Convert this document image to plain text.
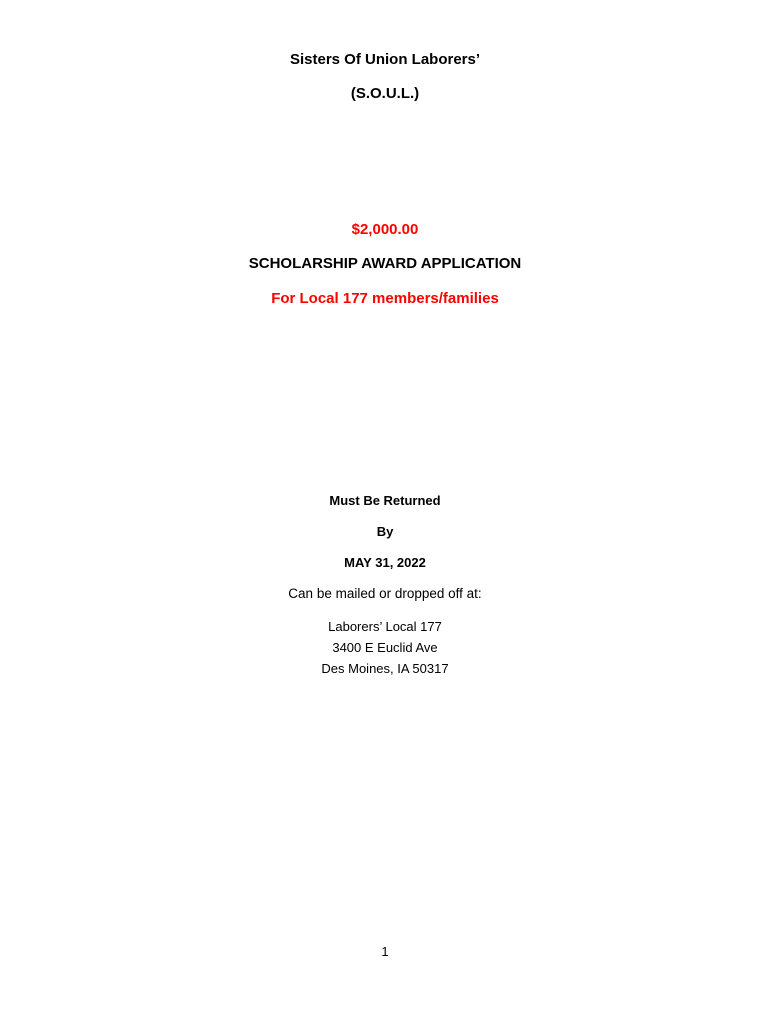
Sisters Of Union Laborers’
(S.O.U.L.)
$2,000.00
SCHOLARSHIP AWARD APPLICATION
For Local 177 members/families
Must Be Returned
By
MAY 31, 2022
Can be mailed or dropped off at:
Laborers’ Local 177
3400 E Euclid Ave
Des Moines, IA 50317
1
